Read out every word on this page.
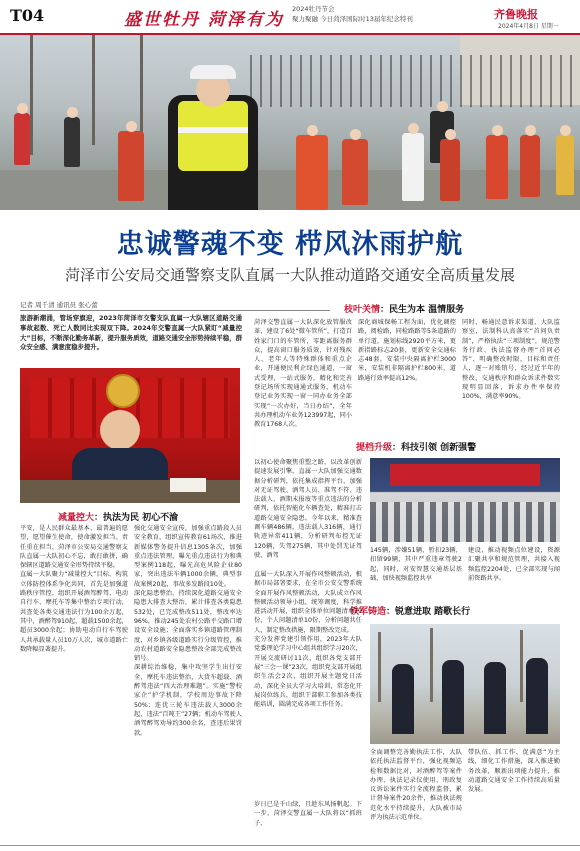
T04	盛世牡丹 菏泽有为
2024牡丹节会
聚力聚融 今日菏泽国际时13届年纪念特刊	齐鲁晚报
2024年4月8日 星期一
忠诚警魂不变 栉风沐雨护航
菏泽市公安局交通警察支队直属一大队推动道路交通安全高质量发展
记者 周千清 通讯员 张心蕾
旅游新潮涌，管场穿旗迎，2023年菏泽市交警支队直属一大队辖区道路交通事故起数、死亡人数同比实现双下降。2024年交警直属一大队紧盯“减量控大”目标，不断深化勤务革新，提升服务质效，道路交通安全形势持续平稳，群众安全感、满意度稳步提升。
减量控大：执法为民 初心不渝
平安，是人民群众最基本、最普遍的愿望，愿望催生使命，使命激发担当。责任重在担当，菏泽市公安局交通警察支队直属一大队初心不忘，敢打敢拼，确保辖区道路交通安全形势持续平稳。
直属一大队聚力“减量控大”目标，构筑立体防控体系争化共同，首先是加强道路秩序管控，组织开展酒驾醉驾、电动自行车、摩托车等集中整治专项行动，共查处各类交通违法行为100余万起，其中，酒醉驾910起，超载1500余起，超员3000余起；协助电动自行车驾驶人共承载量人员10万人次，城市道路亡数降幅显著提升。
强化交通安全宣传，加强重点路段人员安全教育，组织宣传教育61场次，推进新媒体警务提升信息1305条次，加强重点违法管理，曝光重点违法行为和典型案例118起，曝光高危风险企业80家，突出违法车辆1000余辆，典型事故案例20起，事故多发路段10处。
深化隐患整治，持续深化道路交通安全隐患大排查大整治，累计排查各类隐患532处，已完成整改511处，整改率达96%，推动245处农村公路平交路口增设安全设施；全面落实乡镇道路管理制度，对乡镇各级道路实行分级管控，推动农村道路安全隐患整改全部完成整改销号。
深耕综治维稳，集中攻坚学生出行安全，摩托车违法整治，大货车超载、酒醉驾违法“四大治理难题”。实施“警校家企”护学机制，学校周边事故下降50%；连优三轮车违法载人3000余起，违法“百吨王”27辆；机动车驾驶人酒驾醉驾劝导约300余名，查违后果罚款。
枝叶关情：民生为本 温情服务
菏泽交警直属一大队深化放管服改革，建设了6处“微车管所”，打造百姓家门口的车管所，零距离服务群众，提高窗口服务质效，针对残疾人、老年人等特殊群体和重点企业，开通便民利企绿色通道，一窗式受理，一站式服务，精化和完善登记场所实现通通式服务，机动车登记业务实现一窗一同办业务全部实现“一次办好，当日办结”，全年共办理机动车业务123997起，同小教育1768人次。
深化商城保畅工程为面，优化调控路，阅检路，同检路路等5条道路的单行道，施划标线2920平方米，更新指路标志20套，更新安全交通标志48套，安装中央隔离护栏3000米，安装机非隔离护栏800米，道路通行效率提高12%。
同时，畅通民意诉求渠道，大队监察室，法制科认真落实“首问负责制”，严格执法“三项制度”，规范警务行政、执法监督办理“首问必答”、明确整改时限，目标和责任人，逐一对账销号，经过近半年的整改，交通秩序和群众诉求件数实现明显回落，诉求办件率保持100%，满意率90%。
提档升级：科技引领 创新强警
以初心使命聚焦重塑之路，以改革创新提速发展引擎，直属一大队加强交通数据分析研判，依托集成指挥平台，加强对无证驾驶、酒驾人员、准驾不符、违法载人、酒期未报废等重点违法的分析研判，依托智能化车辆查处，精准打击道路交通安全隐患。今年以来，精准查调车辆486辆，违法载人316辆，通行轨迹异常411辆，分析研判布控无证120辆，失驾275辆，其中处罚无证驾驶、酒驾
145辆，涉嫌51辆，暂扣23辆，扣留99辆，其中严重违章驾驶2起，同时，对安智慧交通基层基础，加快视频监控共享
建设，推动视频点位建设，资源汇聚共享和规范管理，共接入视频监控2204处，已全部实现与闻前资路共享。
铁军铸造：锐意进取 踏歌长行
直属一大队深入开展作风整顿活动，根据市局部署要求，在全市公安交警系统全面开展作风整顿活动，大队成立作风整顿活动领导小组，统筹调度，科学推进活动开展，组织全体单位问题清单29份，个人问题清单10份，分析问题共任人，制定整改措施，限期整改完成。
充分发挥党建引领作用，2023年大队党委理论学习中心组共组织学习20次，开展交流研讨11次，组织各党支部开展“三会一课”23次，组织党支部开展组织生活会2次，组织开展主题党日活动，深化全员大学习大培训，常态化开展岗位练兵，组织干部职工参加各类技能培训，圆满完成各项工作任务。
全面调整完善勤执法工作，大队依托执法监督平台，强化视频巡检和数据比对，对酒醉驾等案件办理、执法记录仪使用、刑政复议诉讼案件实行全流程监督，累计督导案件20余件，推动执法规范化水平持续提升，大队被市局评为执法示范单位。
带队伍、抓工作、促满意“为主线，细化工作措施，深入推进勤务改革，顺新出项能力提升，推动道路交通安全工作持续高质量发展。
岁日已是千山绿，且趁东风扬帆起。下一步，菏泽交警直属一大队将以“抓班子、
